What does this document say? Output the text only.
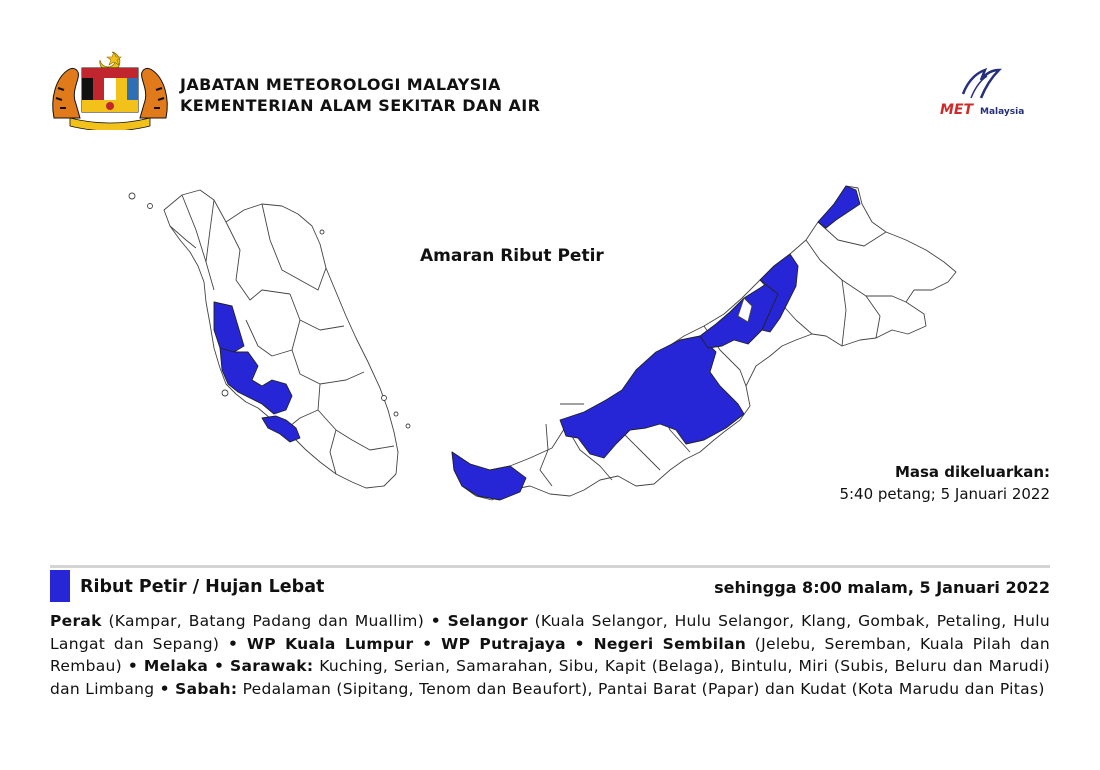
JABATAN METEOROLOGI MALAYSIA
KEMENTERIAN ALAM SEKITAR DAN AIR	MET Malaysia
Amaran Ribut Petir
Masa dikeluarkan:
5:40 petang; 5 Januari 2022
Ribut Petir / Hujan Lebat	sehingga 8:00 malam, 5 Januari 2022
Perak (Kampar, Batang Padang dan Muallim) • Selangor (Kuala Selangor, Hulu Selangor, Klang, Gombak, Petaling, Hulu Langat dan Sepang) • WP Kuala Lumpur • WP Putrajaya • Negeri Sembilan (Jelebu, Seremban, Kuala Pilah dan Rembau) • Melaka • Sarawak: Kuching, Serian, Samarahan, Sibu, Kapit (Belaga), Bintulu, Miri (Subis, Beluru dan Marudi) dan Limbang • Sabah: Pedalaman (Sipitang, Tenom dan Beaufort), Pantai Barat (Papar) dan Kudat (Kota Marudu dan Pitas)
